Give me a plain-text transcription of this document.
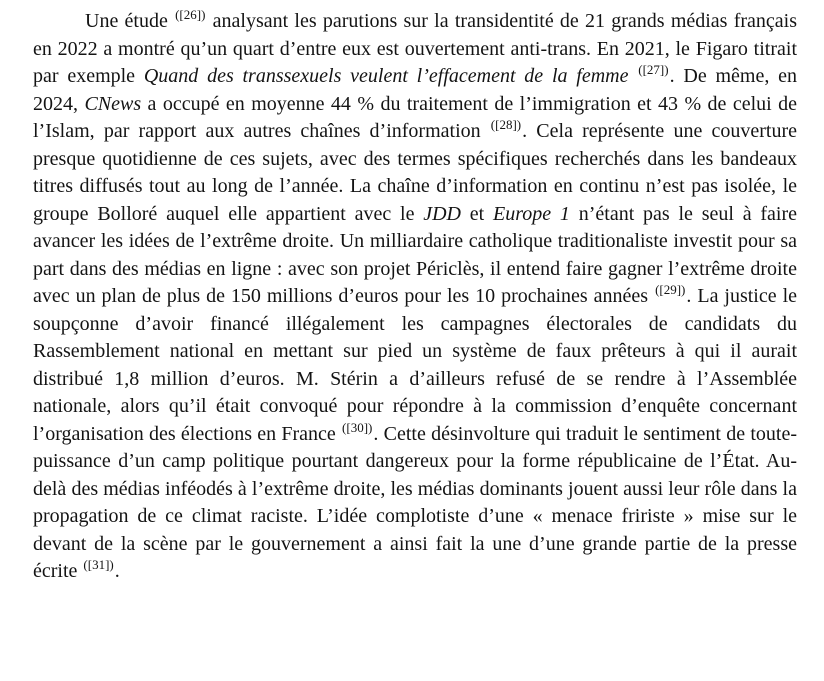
Une étude $^{([26])}$ analysant les parutions sur la transidentité de 21 grands médias français en 2022 a montré qu’un quart d’entre eux est ouvertement anti-trans. En 2021, le Figaro titrait par exemple Quand des transsexuels veulent l’effacement de la femme $^{([27])}$. De même, en 2024, CNews a occupé en moyenne 44 % du traitement de l’immigration et 43 % de celui de l’Islam, par rapport aux autres chaînes d’information $^{([28])}$. Cela représente une couverture presque quotidienne de ces sujets, avec des termes spécifiques recherchés dans les bandeaux titres diffusés tout au long de l’année. La chaîne d’information en continu n’est pas isolée, le groupe Bolloré auquel elle appartient avec le JDD et Europe 1 n’étant pas le seul à faire avancer les idées de l’extrême droite. Un milliardaire catholique traditionaliste investit pour sa part dans des médias en ligne : avec son projet Périclès, il entend faire gagner l’extrême droite avec un plan de plus de 150 millions d’euros pour les 10 prochaines années $^{([29])}$. La justice le soupçonne d’avoir financé illégalement les campagnes électorales de candidats du Rassemblement national en mettant sur pied un système de faux prêteurs à qui il aurait distribué 1,8 million d’euros. M. Stérin a d’ailleurs refusé de se rendre à l’Assemblée nationale, alors qu’il était convoqué pour répondre à la commission d’enquête concernant l’organisation des élections en France $^{([30])}$. Cette désinvolture qui traduit le sentiment de toute-puissance d’un camp politique pourtant dangereux pour la forme républicaine de l’État. Au-delà des médias inféodés à l’extrême droite, les médias dominants jouent aussi leur rôle dans la propagation de ce climat raciste. L’idée complotiste d’une « menace fririste » mise sur le devant de la scène par le gouvernement a ainsi fait la une d’une grande partie de la presse écrite $^{([31])}$.
